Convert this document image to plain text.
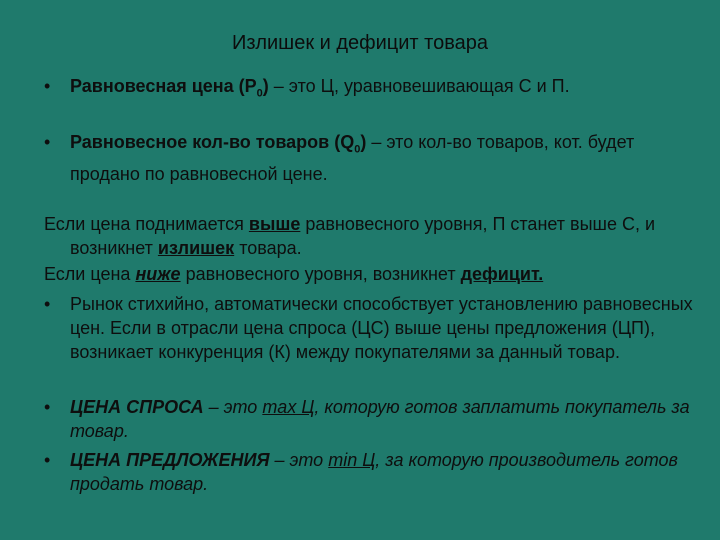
Излишек и дефицит товара
• Равновесная цена $(P_0)$ – это Ц, уравновешивающая С и П.
• Равновесное кол-во товаров $(Q_0)$ – это кол-во товаров, кот. будет продано по равновесной цене.
Если цена поднимается выше равновесного уровня, П станет выше С, и возникнет излишек товара.
Если цена ниже равновесного уровня, возникнет дефицит.
• Рынок стихийно, автоматически способствует установлению равновесных цен. Если в отрасли цена спроса (ЦС) выше цены предложения (ЦП), возникает конкуренция (К) между покупателями за данный товар.
• ЦЕНА СПРОСА – это max Ц, которую готов заплатить покупатель за товар.
• ЦЕНА ПРЕДЛОЖЕНИЯ – это min Ц, за которую производитель готов продать товар.
